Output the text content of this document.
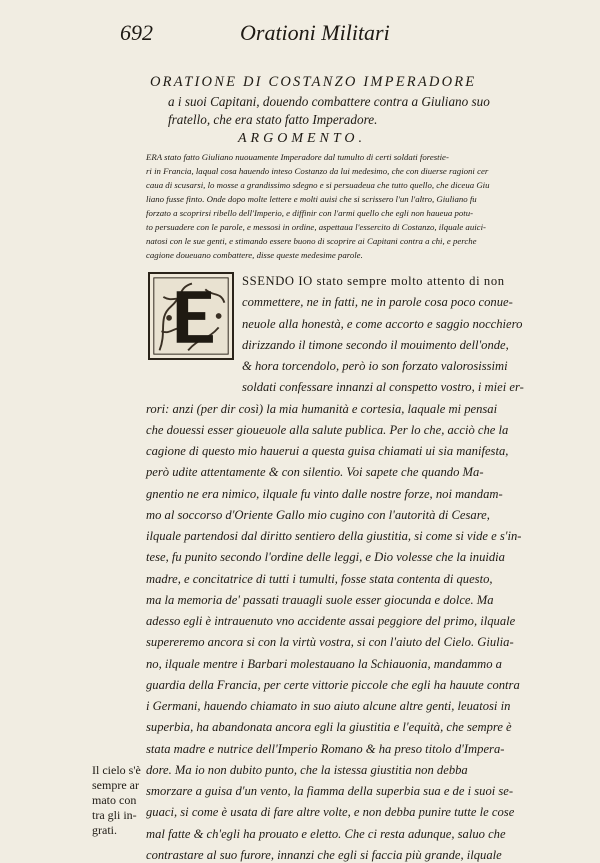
692	Orationi Militari
ORATIONE DI COSTANZO IMPERADORE
a i suoi Capitani, douendo combattere contra a Giuliano suo
fratello, che era stato fatto Imperadore.
ARGOMENTO.
ERA stato fatto Giuliano nuouamente Imperadore dal tumulto di certi soldati forestie-
ri in Francia, laqual cosa hauendo inteso Costanzo da lui medesimo, che con diuerse ragioni cer
caua di scusarsi, lo mosse a grandissimo sdegno e si persuadeua che tutto quello, che diceua Giu
liano fusse finto. Onde dopo molte lettere e molti auisi che si scrissero l'un l'altro, Giuliano fu
forzato a scoprirsi ribello dell'Imperio, e diffinir con l'armi quello che egli non haueua potu-
to persuadere con le parole, e messosi in ordine, aspettaua l'essercito di Costanzo, ilquale auici-
natosi con le sue genti, e stimando essere buono di scoprire ai Capitani contra a chi, e perche
cagione doueuano combattere, disse queste medesime parole.
SSENDO IO stato sempre molto attento di non
commettere, ne in fatti, ne in parole cosa poco conue-
neuole alla honestà, e come accorto e saggio nocchiero
dirizzando il timone secondo il mouimento dell'onde,
& hora torcendolo, però io son forzato valorosissimi
soldati confessare innanzi al conspetto vostro, i miei er-
rori: anzi (per dir così) la mia humanità e cortesia, laquale mi pensai
che douessi esser gioueuole alla salute publica. Per lo che, acciò che la
cagione di questo mio hauerui a questa guisa chiamati ui sia manifesta,
però udite attentamente & con silentio. Voi sapete che quando Ma-
gnentio ne era nimico, ilquale fu vinto dalle nostre forze, noi mandam-
mo al soccorso d'Oriente Gallo mio cugino con l'autorità di Cesare,
ilquale partendosi dal diritto sentiero della giustitia, si come si vide e s'in-
tese, fu punito secondo l'ordine delle leggi, e Dio volesse che la inuidia
madre, e concitatrice di tutti i tumulti, fosse stata contenta di questo,
ma la memoria de' passati trauagli suole esser giocunda e dolce. Ma
adesso egli è intrauenuto vno accidente assai peggiore del primo, ilquale
supereremo ancora si con la virtù vostra, si con l'aiuto del Cielo. Giulia-
no, ilquale mentre i Barbari molestauano la Schiauonia, mandammo a
guardia della Francia, per certe vittorie piccole che egli ha hauute contra
i Germani, hauendo chiamato in suo aiuto alcune altre genti, leuatosi in
superbia, ha abandonata ancora egli la giustitia e l'equità, che sempre è
stata madre e nutrice dell'Imperio Romano & ha preso titolo d'Impera-
dore. Ma io non dubito punto, che la istessa giustitia non debba
smorzare a guisa d'un vento, la fiamma della superbia sua e de i suoi se-
guaci, si come è usata di fare altre volte, e non debba punire tutte le cose
mal fatte & ch'egli ha prouato e eletto. Che ci resta adunque, saluo che
contrastare al suo furore, innanzi che egli si faccia più grande, ilquale
Il cielo s'è
sempre ar
mato con
tra gli in-
grati.
